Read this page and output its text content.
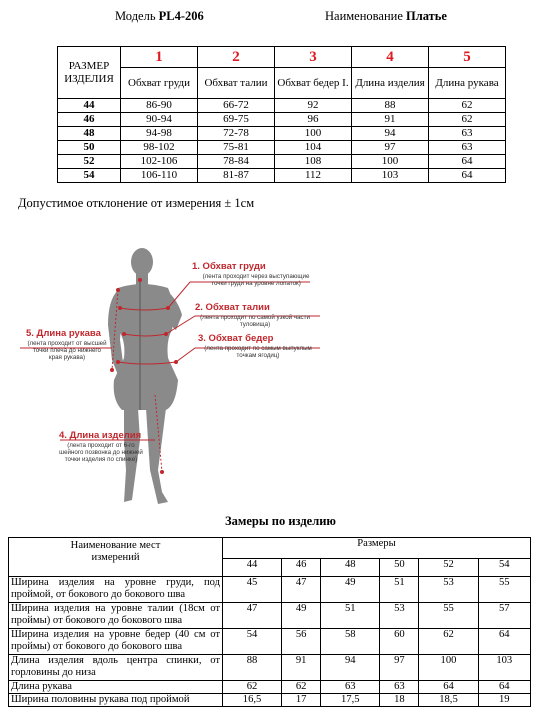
Модель PL4-206	Наименование Платье
РАЗМЕР ИЗДЕЛИЯ	1	2	3	4	5
	Обхват груди	Обхват талии	Обхват бедер I.	Длина изделия	Длина рукава
44	86-90	66-72	92	88	62
46	90-94	69-75	96	91	62
48	94-98	72-78	100	94	63
50	98-102	75-81	104	97	63
52	102-106	78-84	108	100	64
54	106-110	81-87	112	103	64
Допустимое отклонение от измерения ± 1см
1. Обхват груди
(лента проходит через выступающие точки груди на уровне лопаток)
2. Обхват талии
(лента проходит по самой узкой части туловища)
3. Обхват бедер
(лента проходит по самым выпуклым точкам ягодиц)
4. Длина изделия
(лента проходит от 6-го шейного позвонка до нижней точки изделия по спинке)
5. Длина рукава
(лента проходит от высшей точки плеча до нижнего края рукава)
Замеры по изделию
Наименование мест измерений	Размеры					
	44	46	48	50	52	54
Ширина изделия на уровне груди, под проймой, от бокового до бокового шва	45	47	49	51	53	55
Ширина изделия на уровне талии (18см от проймы) от бокового до бокового шва	47	49	51	53	55	57
Ширина изделия на уровне бедер (40 см от проймы) от бокового до бокового шва	54	56	58	60	62	64
Длина изделия вдоль центра спинки, от горловины до низа	88	91	94	97	100	103
Длина рукава	62	62	63	63	64	64
Ширина половины рукава под проймой	16,5	17	17,5	18	18,5	19
